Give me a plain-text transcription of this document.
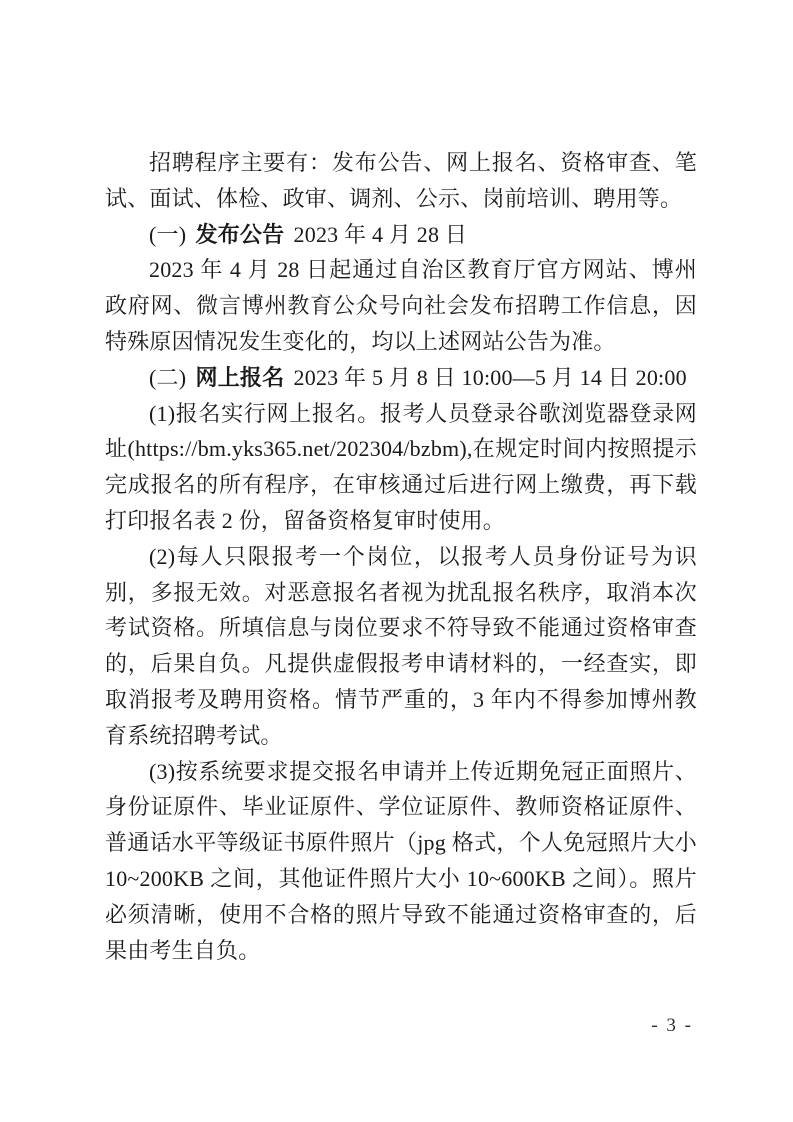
招聘程序主要有：发布公告、网上报名、资格审查、笔试、面试、体检、政审、调剂、公示、岗前培训、聘用等。

(一) 发布公告 2023 年 4 月 28 日

2023 年 4 月 28 日起通过自治区教育厅官方网站、博州政府网、微言博州教育公众号向社会发布招聘工作信息，因特殊原因情况发生变化的，均以上述网站公告为准。

(二) 网上报名 2023 年 5 月 8 日 10:00—5 月 14 日 20:00

(1)报名实行网上报名。报考人员登录谷歌浏览器登录网址(https://bm.yks365.net/202304/bzbm),在规定时间内按照提示完成报名的所有程序，在审核通过后进行网上缴费，再下载打印报名表 2 份，留备资格复审时使用。

(2)每人只限报考一个岗位，以报考人员身份证号为识别，多报无效。对恶意报名者视为扰乱报名秩序，取消本次考试资格。所填信息与岗位要求不符导致不能通过资格审查的，后果自负。凡提供虚假报考申请材料的，一经查实，即取消报考及聘用资格。情节严重的，3 年内不得参加博州教育系统招聘考试。

(3)按系统要求提交报名申请并上传近期免冠正面照片、身份证原件、毕业证原件、学位证原件、教师资格证原件、普通话水平等级证书原件照片（jpg 格式，个人免冠照片大小 10~200KB 之间，其他证件照片大小 10~600KB 之间）。照片必须清晰，使用不合格的照片导致不能通过资格审查的，后果由考生自负。

- 3 -
